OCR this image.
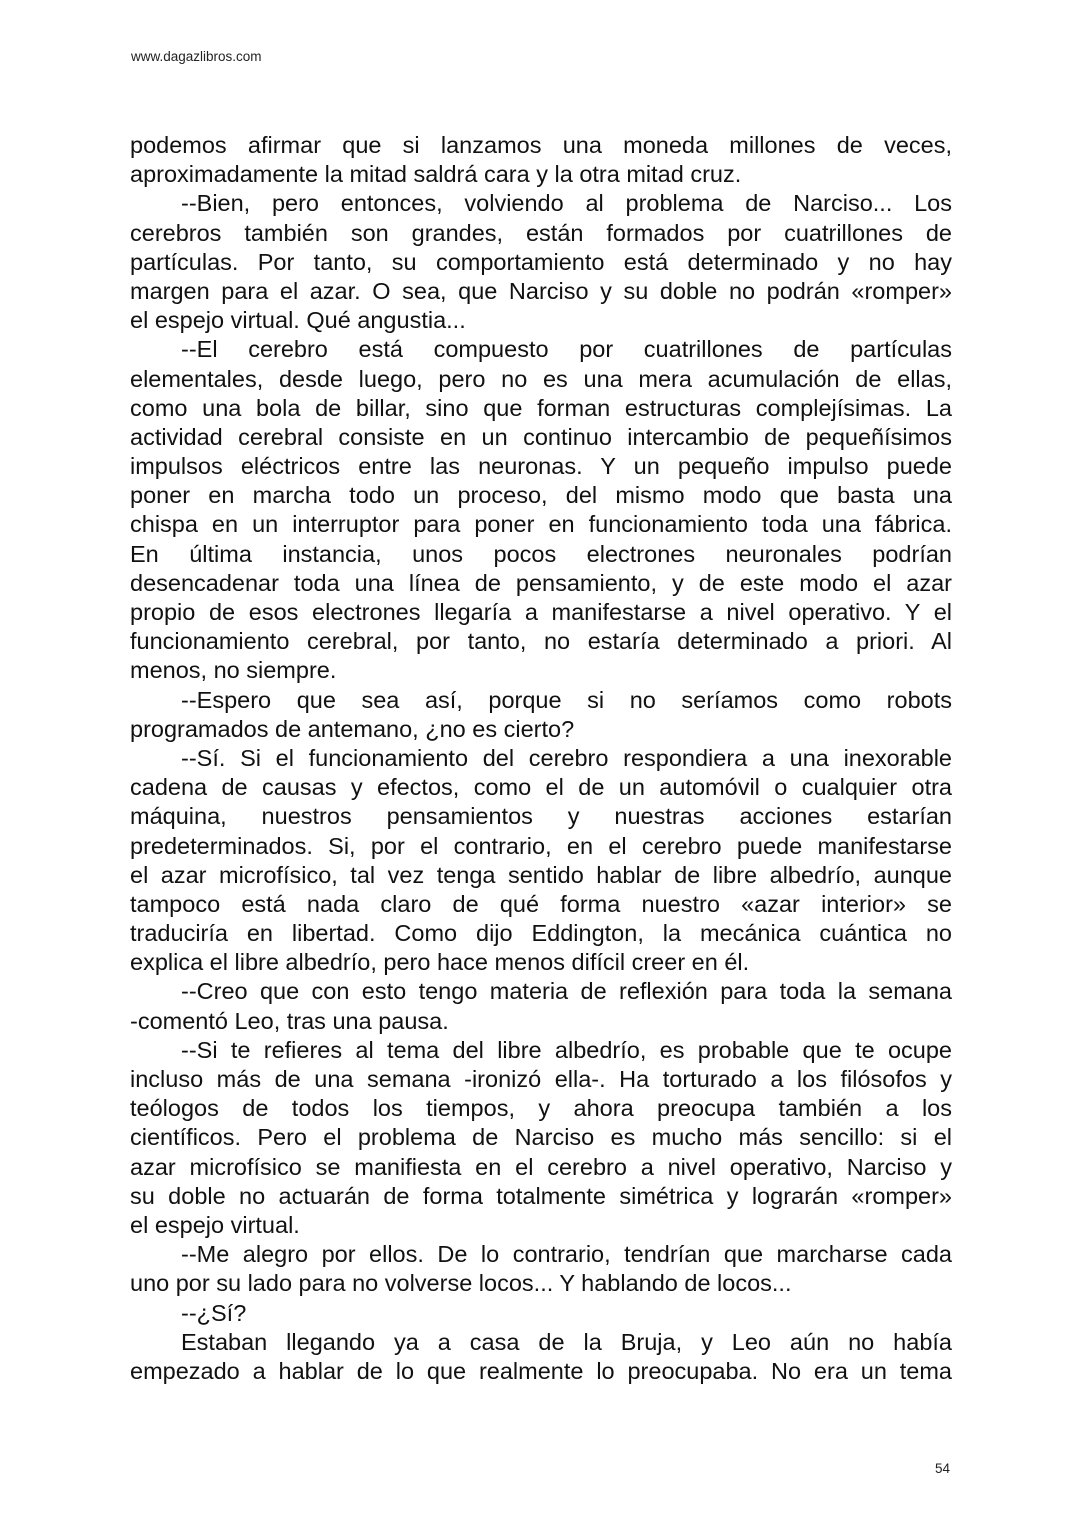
www.dagazlibros.com
podemos afirmar que si lanzamos una moneda millones de veces,
aproximadamente la mitad saldrá cara y la otra mitad cruz.
--Bien, pero entonces, volviendo al problema de Narciso... Los
cerebros también son grandes, están formados por cuatrillones de
partículas. Por tanto, su comportamiento está determinado y no hay
margen para el azar. O sea, que Narciso y su doble no podrán «romper»
el espejo virtual. Qué angustia...
--El cerebro está compuesto por cuatrillones de partículas
elementales, desde luego, pero no es una mera acumulación de ellas,
como una bola de billar, sino que forman estructuras complejísimas. La
actividad cerebral consiste en un continuo intercambio de pequeñísimos
impulsos eléctricos entre las neuronas. Y un pequeño impulso puede
poner en marcha todo un proceso, del mismo modo que basta una
chispa en un interruptor para poner en funcionamiento toda una fábrica.
En última instancia, unos pocos electrones neuronales podrían
desencadenar toda una línea de pensamiento, y de este modo el azar
propio de esos electrones llegaría a manifestarse a nivel operativo. Y el
funcionamiento cerebral, por tanto, no estaría determinado a priori. Al
menos, no siempre.
--Espero que sea así, porque si no seríamos como robots
programados de antemano, ¿no es cierto?
--Sí. Si el funcionamiento del cerebro respondiera a una inexorable
cadena de causas y efectos, como el de un automóvil o cualquier otra
máquina, nuestros pensamientos y nuestras acciones estarían
predeterminados. Si, por el contrario, en el cerebro puede manifestarse
el azar microfísico, tal vez tenga sentido hablar de libre albedrío, aunque
tampoco está nada claro de qué forma nuestro «azar interior» se
traduciría en libertad. Como dijo Eddington, la mecánica cuántica no
explica el libre albedrío, pero hace menos difícil creer en él.
--Creo que con esto tengo materia de reflexión para toda la semana
-comentó Leo, tras una pausa.
--Si te refieres al tema del libre albedrío, es probable que te ocupe
incluso más de una semana -ironizó ella-. Ha torturado a los filósofos y
teólogos de todos los tiempos, y ahora preocupa también a los
científicos. Pero el problema de Narciso es mucho más sencillo: si el
azar microfísico se manifiesta en el cerebro a nivel operativo, Narciso y
su doble no actuarán de forma totalmente simétrica y lograrán «romper»
el espejo virtual.
--Me alegro por ellos. De lo contrario, tendrían que marcharse cada
uno por su lado para no volverse locos... Y hablando de locos...
--¿Sí?
Estaban llegando ya a casa de la Bruja, y Leo aún no había
empezado a hablar de lo que realmente lo preocupaba. No era un tema
54
